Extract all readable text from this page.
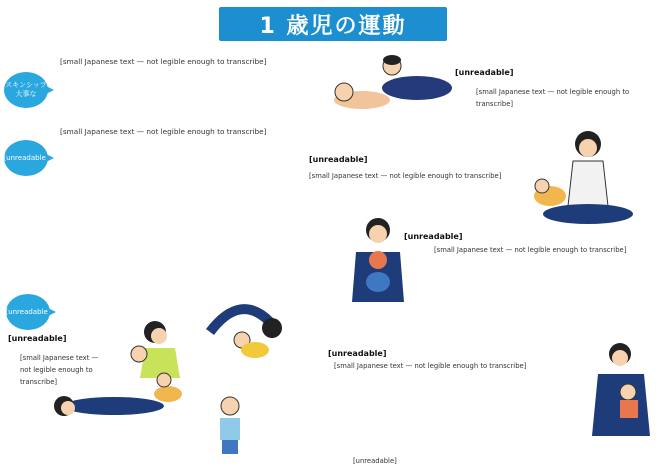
1 歳児の運動
スキンシップ 大事な
[small Japanese text — not legible enough to transcribe]
[unreadable]
[small Japanese text — not legible enough to transcribe]
[unreadable]
[unreadable]
[small Japanese text — not legible enough to transcribe]
[unreadable]
[small Japanese text — not legible enough to transcribe]
[unreadable]
[small Japanese text — not legible enough to transcribe]
[unreadable]
[small Japanese text — not legible enough to transcribe]
[unreadable]
[small Japanese text — not legible enough to transcribe]
[unreadable]
